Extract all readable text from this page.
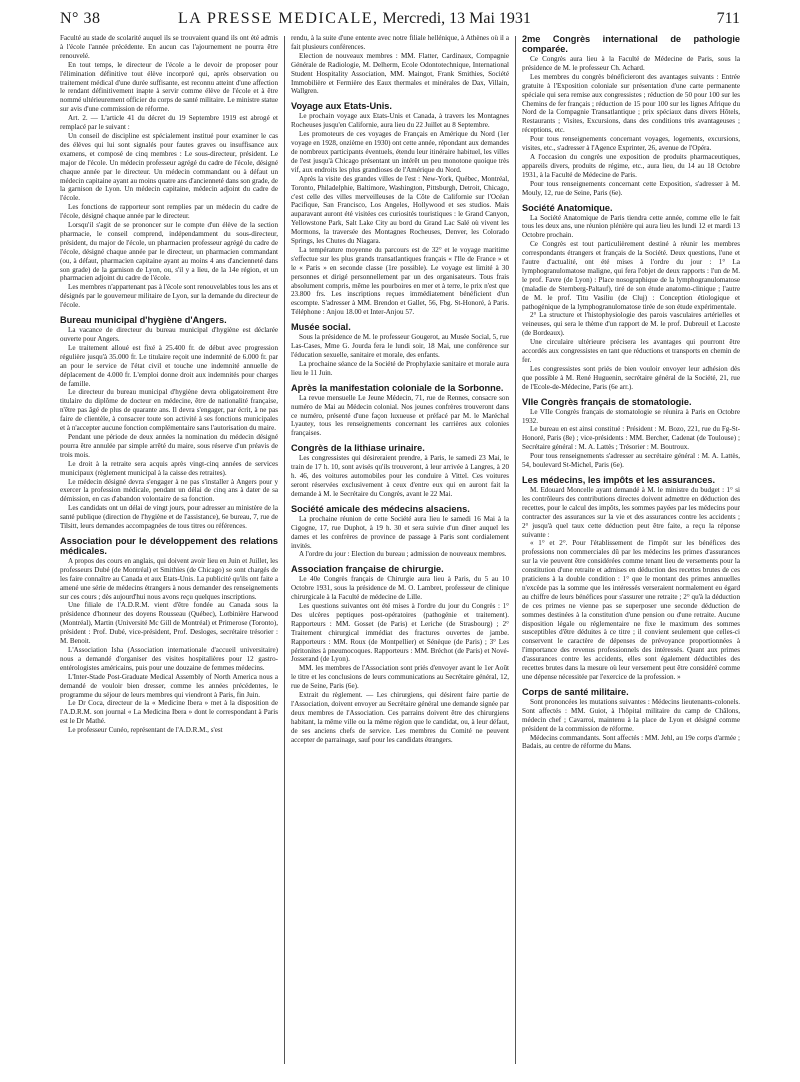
N° 38	LA PRESSE MEDICALE, Mercredi, 13 Mai 1931	711

Faculté au stade de scolarité auquel ils se trouvaient quand ils ont été admis à l'école l'année précédente. En aucun cas l'ajournement ne pourra être renouvelé.

En tout temps, le directeur de l'école a le devoir de proposer pour l'élimination définitive tout élève incorporé qui, après observation ou traitement médical d'une durée suffisante, est reconnu atteint d'une affection le rendant définitivement inapte à servir comme élève de l'école et à être nommé ultérieurement officier du corps de santé militaire. Le ministre statue sur avis d'une commission de réforme.

Art. 2. — L'article 41 du décret du 19 Septembre 1919 est abrogé et remplacé par le suivant :

Un conseil de discipline est spécialement institué pour examiner le cas des élèves qui lui sont signalés pour fautes graves ou insuffisance aux examens, et composé de cinq membres : Le sous-directeur, président. Le major de l'école. Un médecin professeur agrégé du cadre de l'école, désigné chaque année par le directeur. Un médecin commandant ou à défaut un médecin capitaine ayant au moins quatre ans d'ancienneté dans son grade, de la garnison de Lyon. Un médecin capitaine, médecin adjoint du cadre de l'école.

Les fonctions de rapporteur sont remplies par un médecin du cadre de l'école, désigné chaque année par le directeur.

Lorsqu'il s'agit de se prononcer sur le compte d'un élève de la section pharmacie, le conseil comprend, indépendamment du sous-directeur, président, du major de l'école, un pharmacien professeur agrégé du cadre de l'école, désigné chaque année par le directeur, un pharmacien commandant (ou, à défaut, pharmacien capitaine ayant au moins 4 ans d'ancienneté dans son grade) de la garnison de Lyon, ou, s'il y a lieu, de la 14e région, et un pharmacien adjoint du cadre de l'école.

Les membres n'appartenant pas à l'école sont renouvelables tous les ans et désignés par le gouverneur militaire de Lyon, sur la demande du directeur de l'école.

Bureau municipal d'hygiène d'Angers.

La vacance de directeur du bureau municipal d'hygiène est déclarée ouverte pour Angers.

Le traitement alloué est fixé à 25.400 fr. de début avec progression régulière jusqu'à 35.000 fr. Le titulaire reçoit une indemnité de 6.000 fr. par an pour le service de l'état civil et touche une indemnité annuelle de déplacement de 4.000 fr. L'emploi donne droit aux indemnités pour charges de famille.

Le directeur du bureau municipal d'hygiène devra obligatoirement être titulaire du diplôme de docteur en médecine, être de nationalité française, n'être pas âgé de plus de quarante ans. Il devra s'engager, par écrit, à ne pas faire de clientèle, à consacrer toute son activité à ses fonctions municipales et à n'accepter aucune fonction complémentaire sans l'autorisation du maire.

Pendant une période de deux années la nomination du médecin désigné pourra être annulée par simple arrêté du maire, sous réserve d'un préavis de trois mois.

Le droit à la retraite sera acquis après vingt-cinq années de services municipaux (règlement municipal à la caisse des retraites).

Le médecin désigné devra s'engager à ne pas s'installer à Angers pour y exercer la profession médicale, pendant un délai de cinq ans à dater de sa démission, en cas d'abandon volontaire de sa fonction.

Les candidats ont un délai de vingt jours, pour adresser au ministère de la santé publique (direction de l'hygiène et de l'assistance), 6e bureau, 7, rue de Tilsitt, leurs demandes accompagnées de tous titres ou références.

Association pour le développement des relations médicales.

A propos des cours en anglais, qui doivent avoir lieu en Juin et Juillet, les professeurs Dubé (de Montréal) et Smithies (de Chicago) se sont chargés de les faire connaître au Canada et aux Etats-Unis. La publicité qu'ils ont faite a amené une série de médecins étrangers à nous demander des renseignements sur ces cours ; dès aujourd'hui nous avons reçu quelques inscriptions.

Une filiale de l'A.D.R.M. vient d'être fondée au Canada sous la présidence d'honneur des doyens Rousseau (Québec), Lotbinière Harwood (Montréal), Martin (Université Mc Gill de Montréal) et Primerose (Toronto), président : Prof. Dubé, vice-président, Prof. Desloges, secrétaire trésorier : M. Benoit.

L'Association Isha (Association internationale d'accueil universitaire) nous a demandé d'organiser des visites hospitalières pour 12 gastro-entérologistes américains, puis pour une douzaine de femmes médecins.

L'Inter-Stade Post-Graduate Medical Assembly of North America nous a demandé de vouloir bien dresser, comme les années précédentes, le programme du séjour de leurs membres qui viendront à Paris, fin Juin.

Le Dr Coca, directeur de la « Medicine Ibera » met à la disposition de l'A.D.R.M. son journal « La Medicina Ibera » dont le correspondant à Paris est le Dr Mathé.

Le professeur Cunéo, représentant de l'A.D.R.M., s'est

rendu, à la suite d'une entente avec notre filiale hellénique, à Athènes où il a fait plusieurs conférences.

Election de nouveaux membres : MM. Flatter, Cardinaux, Compagnie Générale de Radiologie, M. Delherm, Ecole Odontotechnique, International Student Hospitality Association, MM. Maingot, Frank Smithies, Société Immobilière et Fermière des Eaux thermales et minérales de Dax, Villain, Wallgren.

Voyage aux Etats-Unis.

Le prochain voyage aux Etats-Unis et Canada, à travers les Montagnes Rocheuses jusqu'en Californie, aura lieu du 22 Juillet au 8 Septembre.

Les promoteurs de ces voyages de Français en Amérique du Nord (1er voyage en 1928, onzième en 1930) ont cette année, répondant aux demandes de nombreux participants éventuels, étendu leur itinéraire habituel, les villes de l'est jusqu'à Chicago présentant un intérêt un peu monotone quoique très vif, aux endroits les plus grandioses de l'Amérique du Nord.

Après la visite des grandes villes de l'est : New-York, Québec, Montréal, Toronto, Philadelphie, Baltimore, Washington, Pittsburgh, Detroit, Chicago, c'est celle des villes merveilleuses de la Côte de Californie sur l'Océan Pacifique, San Francisco, Los Angeles, Hollywood et ses studios. Mais auparavant auront été visitées ces curiosités touristiques : le Grand Canyon, Yellowstone Park, Salt Lake City au bord du Grand Lac Salé où vivent les Mormons, la traversée des Montagnes Rocheuses, Denver, les Colorado Springs, les Chutes du Niagara.

La température moyenne du parcours est de 32° et le voyage maritime s'effectue sur les plus grands transatlantiques français « l'Ile de France » et le « Paris » en seconde classe (1re possible). Le voyage est limité à 30 personnes et dirigé personnellement par un des organisateurs. Tous frais absolument compris, même les pourboires en mer et à terre, le prix n'est que 23.800 frs. Les inscriptions reçues immédiatement bénéficient d'un escompte. S'adresser à MM. Brendon et Gallet, 56, Fbg. St-Honoré, à Paris. Téléphone : Anjou 18.00 et Inter-Anjou 57.

Musée social.

Sous la présidence de M. le professeur Gougerot, au Musée Social, 5, rue Las-Cases, Mme G. Jourda fera le lundi soir, 18 Mai, une conférence sur l'éducation sexuelle, sanitaire et morale, des enfants.

La prochaine séance de la Société de Prophylaxie sanitaire et morale aura lieu le 11 Juin.

Après la manifestation coloniale de la Sorbonne.

La revue mensuelle Le Jeune Médecin, 71, rue de Rennes, consacre son numéro de Mai au Médecin colonial. Nos jeunes confrères trouveront dans ce numéro, présenté d'une façon luxueuse et préfacé par M. le Maréchal Lyautey, tous les renseignements concernant les carrières aux colonies françaises.

Congrès de la lithiase urinaire.

Les congressistes qui désireraient prendre, à Paris, le samedi 23 Mai, le train de 17 h. 10, sont avisés qu'ils trouveront, à leur arrivée à Langres, à 20 h. 46, des voitures automobiles pour les conduire à Vittel. Ces voitures seront réservées exclusivement à ceux d'entre eux qui en auront fait la demande à M. le Secrétaire du Congrès, avant le 22 Mai.

Société amicale des médecins alsaciens.

La prochaine réunion de cette Société aura lieu le samedi 16 Mai à la Cigogne, 17, rue Duphot, à 19 h. 30 et sera suivie d'un dîner auquel les dames et les confrères de province de passage à Paris sont cordialement invités.

A l'ordre du jour : Election du bureau ; admission de nouveaux membres.

Association française de chirurgie.

Le 40e Congrès français de Chirurgie aura lieu à Paris, du 5 au 10 Octobre 1931, sous la présidence de M. O. Lambret, professeur de clinique chirurgicale à la Faculté de médecine de Lille.

Les questions suivantes ont été mises à l'ordre du jour du Congrès : 1° Des ulcères peptiques post-opératoires (pathogénie et traitement). Rapporteurs : MM. Gosset (de Paris) et Leriche (de Strasbourg) ; 2° Traitement chirurgical immédiat des fractures ouvertes de jambe. Rapporteurs : MM. Roux (de Montpellier) et Sénèque (de Paris) ; 3° Les péritonites à pneumocoques. Rapporteurs : MM. Bréchot (de Paris) et Nové-Josserand (de Lyon).

MM. les membres de l'Association sont priés d'envoyer avant le 1er Août le titre et les conclusions de leurs communications au Secrétaire général, 12, rue de Seine, Paris (6e).

Extrait du règlement. — Les chirurgiens, qui désirent faire partie de l'Association, doivent envoyer au Secrétaire général une demande signée par deux membres de l'Association. Ces parrains doivent être des chirurgiens habitant, la même ville ou la même région que le candidat, ou, à leur défaut, de ses anciens chefs de service. Les membres du Comité ne peuvent accepter de parrainage, sauf pour les candidats étrangers.

2me Congrès international de pathologie comparée.

Ce Congrès aura lieu à la Faculté de Médecine de Paris, sous la présidence de M. le professeur Ch. Achard.

Les membres du congrès bénéficieront des avantages suivants : Entrée gratuite à l'Exposition coloniale sur présentation d'une carte permanente spéciale qui sera remise aux congressistes ; réduction de 50 pour 100 sur les Chemins de fer français ; réduction de 15 pour 100 sur les lignes Afrique du Nord de la Compagnie Transatlantique ; prix spéciaux dans divers Hôtels, Restaurants ; Visites, Excursions, dans des conditions très avantageuses ; réceptions, etc.

Pour tous renseignements concernant voyages, logements, excursions, visites, etc., s'adresser à l'Agence Exprinter, 26, avenue de l'Opéra.

A l'occasion du congrès une exposition de produits pharmaceutiques, appareils divers, produits de régime, etc., aura lieu, du 14 au 18 Octobre 1931, à la Faculté de Médecine de Paris.

Pour tous renseignements concernant cette Exposition, s'adresser à M. Mouly, 12, rue de Seine, Paris (6e).

Société Anatomique.

La Société Anatomique de Paris tiendra cette année, comme elle le fait tous les deux ans, une réunion plénière qui aura lieu les lundi 12 et mardi 13 Octobre prochain.

Ce Congrès est tout particulièrement destiné à réunir les membres correspondants étrangers et français de la Société. Deux questions, l'une et l'autre d'actualité, ont été mises à l'ordre du jour : 1° La lymphogranulomatose maligne, qui fera l'objet de deux rapports : l'un de M. le prof. Favre (de Lyon) : Place nosographique de la lymphogranulomatose (maladie de Sternberg-Paltauf), tiré de son étude anatomo-clinique ; l'autre de M. le prof. Titu Vasiliu (de Cluj) : Conception étiologique et pathogénique de la lymphogranulomatose tirée de son étude expérimentale.

2° La structure et l'histophysiologie des parois vasculaires artérielles et veineuses, qui sera le thème d'un rapport de M. le prof. Dubreuil et Lacoste (de Bordeaux).

Une circulaire ultérieure précisera les avantages qui pourront être accordés aux congressistes en tant que réductions et transports en chemin de fer.

Les congressistes sont priés de bien vouloir envoyer leur adhésion dès que possible à M. René Huguenin, secrétaire général de la Société, 21, rue de l'Ecole-de-Médecine, Paris (6e arr.).

VIIe Congrès français de stomatologie.

Le VIIe Congrès français de stomatologie se réunira à Paris en Octobre 1932.

Le bureau en est ainsi constitué : Président : M. Bozo, 221, rue du Fg-St-Honoré, Paris (8e) ; vice-présidents : MM. Bercher, Cadenat (de Toulouse) ; Secrétaire général : M. A. Lattès ; Trésorier : M. Boutroux.

Pour tous renseignements s'adresser au secrétaire général : M. A. Lattès, 54, boulevard St-Michel, Paris (6e).

Les médecins, les impôts et les assurances.

M. Edouard Moncelle ayant demandé à M. le ministre du budget : 1° si les contrôleurs des contributions directes doivent admettre en déduction des recettes, pour le calcul des impôts, les sommes payées par les médecins pour contracter des assurances sur la vie et des assurances contre les accidents ; 2° jusqu'à quel taux cette déduction peut être faite, a reçu la réponse suivante :

« 1° et 2°. Pour l'établissement de l'impôt sur les bénéfices des professions non commerciales dû par les médecins les primes d'assurances sur la vie peuvent être considérées comme tenant lieu de versements pour la constitution d'une retraite et admises en déduction des recettes brutes de ces praticiens à la double condition : 1° que le montant des primes annuelles n'excède pas la somme que les intéressés verseraient normalement eu égard au chiffre de leurs bénéfices pour s'assurer une retraite ; 2° qu'à la déduction de ces primes ne vienne pas se superposer une seconde déduction de sommes destinées à la constitution d'une pension ou d'une retraite. Aucune disposition légale ou réglementaire ne fixe le maximum des sommes susceptibles d'être déduites à ce titre ; il convient seulement que celles-ci conservent le caractère de dépenses de prévoyance proportionnées à l'importance des revenus professionnels des intéressés. Quant aux primes d'assurances contre les accidents, elles sont également déductibles des recettes brutes dans la mesure où leur versement peut être considéré comme une dépense nécessitée par l'exercice de la profession. »

Corps de santé militaire.

Sont prononcées les mutations suivantes : Médecins lieutenants-colonels. Sont affectés : MM. Guiot, à l'hôpital militaire du camp de Châlons, médecin chef ; Cavarroi, maintenu à la place de Lyon et désigné comme président de la commission de réforme.

Médecins commandants. Sont affectés : MM. Jehl, au 19e corps d'armée ; Badais, au centre de réforme du Mans.
